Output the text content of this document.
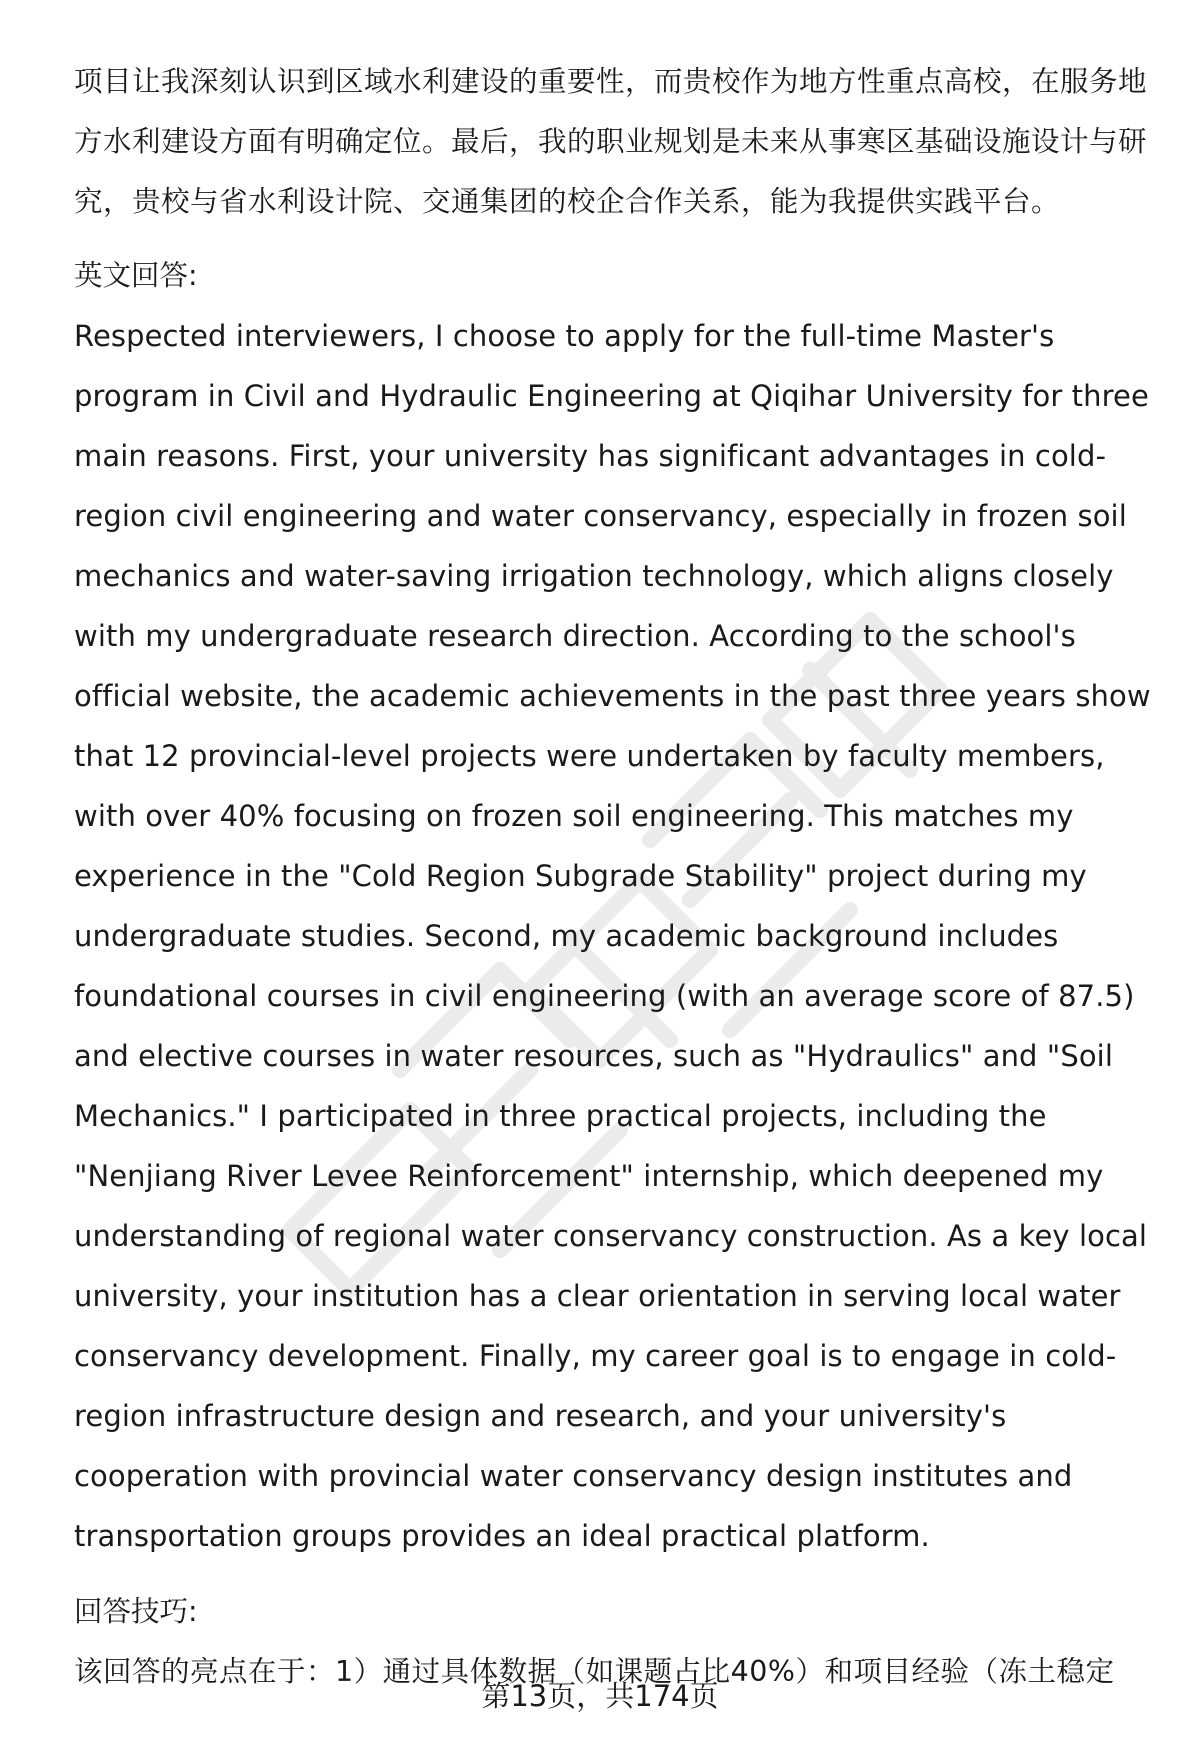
项目让我深刻认识到区域水利建设的重要性，而贵校作为地方性重点高校，在服务地方水利建设方面有明确定位。最后，我的职业规划是未来从事寒区基础设施设计与研究，贵校与省水利设计院、交通集团的校企合作关系，能为我提供实践平台。

英文回答:

Respected interviewers, I choose to apply for the full-time Master's program in Civil and Hydraulic Engineering at Qiqihar University for three main reasons. First, your university has significant advantages in cold-region civil engineering and water conservancy, especially in frozen soil mechanics and water-saving irrigation technology, which aligns closely with my undergraduate research direction. According to the school's official website, the academic achievements in the past three years show that 12 provincial-level projects were undertaken by faculty members, with over 40% focusing on frozen soil engineering. This matches my experience in the "Cold Region Subgrade Stability" project during my undergraduate studies. Second, my academic background includes foundational courses in civil engineering (with an average score of 87.5) and elective courses in water resources, such as "Hydraulics" and "Soil Mechanics." I participated in three practical projects, including the "Nenjiang River Levee Reinforcement" internship, which deepened my understanding of regional water conservancy construction. As a key local university, your institution has a clear orientation in serving local water conservancy development. Finally, my career goal is to engage in cold-region infrastructure design and research, and your university's cooperation with provincial water conservancy design institutes and transportation groups provides an ideal practical platform.

回答技巧:

该回答的亮点在于：1）通过具体数据（如课题占比40%）和项目经验（冻土稳定

第13页，共174页
